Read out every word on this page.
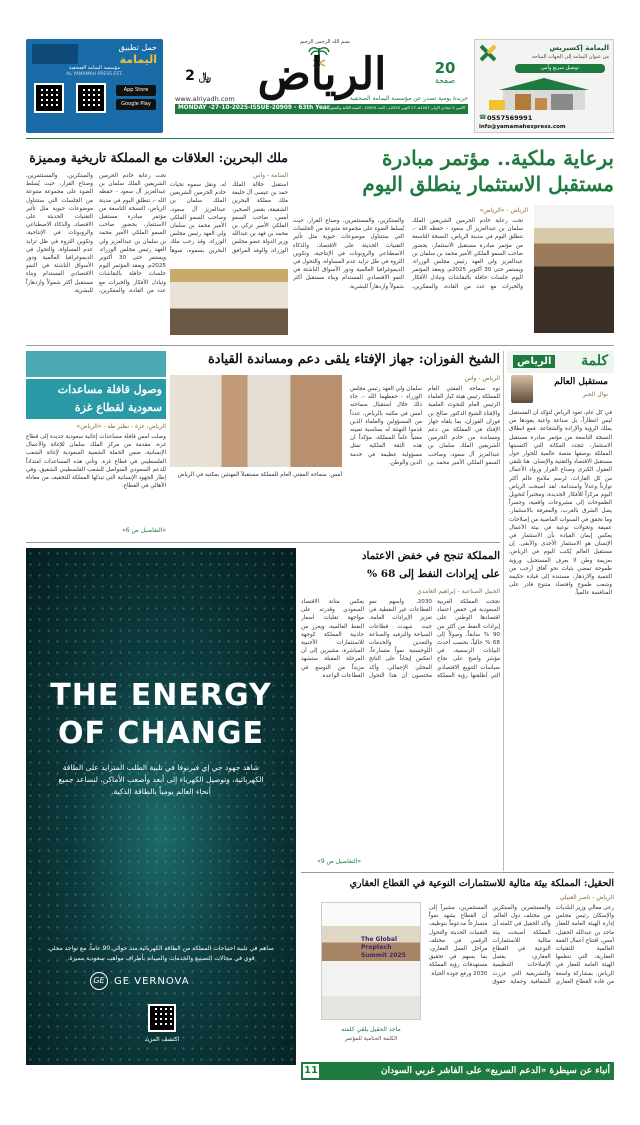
حمل تطبيق
اليمامة
مؤسسة اليمامة الصحفية
AL YAMAMAH PRESS EST.
App Store
Google Play
بسم الله الرحمن الرحيم
2 ﷼	الرياض	20
صفحة
www.alriyadh.com	جريدة يومية تصدر عن مؤسسة اليمامة الصحفية
MONDAY -27-10-2025-ISSUE-20909 - 63th Year
الاثنين 5 جمادى الأولى 1447هـ 27 أكتوبر 2025م - العدد 20909 - السنة الثالثة والستون
اليمامة إكسبريس
من عنوان اليمامة إلى الجهات المتاحة
توصيل سريع وآمن
☎ 0557569991
info@yamamahexpress.com
برعاية ملكية.. مؤتمر مبادرة
مستقبل الاستثمار ينطلق اليوم
الرياض - «الرياض»
تحت رعاية خادم الحرمين الشريفين الملك سلمان بن عبدالعزيز آل سعود - حفظه الله -، تنطلق اليوم في مدينة الرياض، النسخة التاسعة من مؤتمر مبادرة مستقبل الاستثمار، بحضور صاحب السمو الملكي الأمير محمد بن سلمان بن عبدالعزيز ولي العهد رئيس مجلس الوزراء، ويستمر حتى 30 أكتوبر 2025م. ويعقد المؤتمر اليوم جلسات حافلة بالنقاشات وتبادل الأفكار والخبرات مع عدد من القادة، والمفكرين، والمبتكرين، والمستثمرين، وصناع القرار، حيث يُسلط الضوء على مجموعة متنوعة من الجلسات التي ستتناول موضوعات حيوية مثل تأثير التقنيات الحديثة على الاقتصاد، والذكاء الاصطناعي والروبوتات في الإنتاجية، وتكوين الثروة في ظل تزايد عدم المساواة، والتحول في الديموغرافيا العالمية ودور الأسواق الناشئة في النمو الاقتصادي المستدام وبناء مستقبل أكثر شمولاً وازدهاراً للبشرية.
ملك البحرين: العلاقات مع المملكة تاريخية ومميزة
المنامة - واس
استقبل جلالة الملك حمد بن عيسى آل خليفة ملك مملكة البحرين الشقيقة، بقصر الصخير، أمس، صاحب السمو الملكي الأمير تركي بن محمد بن فهد بن عبدالله وزير الدولة عضو مجلس الوزراء، والوفد المرافق له. ونقل سموه تحيات خادم الحرمين الشريفين الملك سلمان بن عبدالعزيز آل سعود، وصاحب السمو الملكي الأمير محمد بن سلمان ولي العهد رئيس مجلس الوزراء. وقد رحب ملك البحرين بسموه، منوهاً
تحت رعاية خادم الحرمين الشريفين الملك سلمان بن عبدالعزيز آل سعود - حفظه الله -، تنطلق اليوم في مدينة الرياض، النسخة التاسعة من مؤتمر مبادرة مستقبل الاستثمار، بحضور صاحب السمو الملكي الأمير محمد بن سلمان بن عبدالعزيز ولي العهد رئيس مجلس الوزراء، ويستمر حتى 30 أكتوبر 2025م. ويعقد المؤتمر اليوم جلسات حافلة بالنقاشات وتبادل الأفكار والخبرات مع عدد من القادة، والمفكرين، والمبتكرين، والمستثمرين، وصناع القرار، حيث يُسلط الضوء على مجموعة متنوعة من الجلسات التي ستتناول موضوعات حيوية مثل تأثير التقنيات الحديثة على الاقتصاد، والذكاء الاصطناعي والروبوتات في الإنتاجية، وتكوين الثروة في ظل تزايد عدم المساواة، والتحول في الديموغرافيا العالمية ودور الأسواق الناشئة في النمو الاقتصادي المستدام وبناء مستقبل أكثر شمولاً وازدهاراً للبشرية.
كلمة
الرياض
مستقبل العالم
نوال الجبر
في كل عام، تعود الرياض لتؤكد أن المستقبل ليس انتظاراً، بل صناعة واعية يقودها من يملك الرؤية والإرادة والشجاعة. فمع انطلاق النسخة التاسعة من مؤتمر مبادرة مستقبل الاستثمار، تتجدد المكانة التي اكتسبتها المملكة بوصفها منصة عالمية للحوار حول مستقبل الاقتصاد والتقنية والإنسان. هنا تلتقي العقول الكبرى وصناع القرار ورواد الأعمال من كل القارات، لرسم ملامح عالم أكثر توازناً وعدلاً واستدامة. لقد أصبحت الرياض اليوم مركزاً للأفكار الجديدة، ومختبراً لتحويل الطموحات إلى مشروعات واقعية، وجسراً يصل الشرق بالغرب، والمعرفة بالاستثمار. وما تحقق في السنوات الماضية من إصلاحات عميقة وتحولات نوعية في بيئة الأعمال يعكس إيمان القيادة بأن الاستثمار في الإنسان هو الاستثمار الأجدى والأبقى. إن مستقبل العالم يُكتب اليوم في الرياض، بعزيمة وطن لا يعرف المستحيل، ورؤية طموحة تمضي بثبات نحو آفاق أرحب من التنمية والازدهار، مستندة إلى قيادة حكيمة وشعب طموح واقتصاد متنوع قادر على المنافسة عالمياً.
الشيخ الفوزان: جهاز الإفتاء يلقى دعم ومساندة القيادة
الرياض - واس
نوه سماحة المفتي العام للمملكة رئيس هيئة كبار العلماء الرئيس العام للبحوث العلمية والإفتاء الشيخ الدكتور صالح بن فوزان الفوزان، بما يلقاه جهاز الإفتاء في المملكة من دعم ومساندة من خادم الحرمين الشريفين الملك سلمان بن عبدالعزيز آل سعود، وصاحب السمو الملكي الأمير محمد بن سلمان ولي العهد رئيس مجلس الوزراء - حفظهما الله -. جاء ذلك خلال استقبال سماحته أمس في مكتبه بالرياض، عدداً من المسؤولين والعلماء الذين قدموا التهنئة له بمناسبة تعيينه مفتياً عاماً للمملكة، مؤكداً أن هذه الثقة الملكية تمثل مسؤولية عظيمة في خدمة الدين والوطن.
أمس: سماحة المفتي العام للمملكة مستقبلاً المهنئين بمكتبه في الرياض
وصول قافلة مساعدات
سعودية لقطاع غزة
الرياض، غزة - نظير طه - «الرياض»
وصلت أمس قافلة مساعدات إغاثية سعودية جديدة إلى قطاع غزة، مقدمة من مركز الملك سلمان للإغاثة والأعمال الإنسانية، ضمن الحملة الشعبية السعودية لإغاثة الشعب الفلسطيني في قطاع غزة. وتأتي هذه المساعدات امتداداً للدعم السعودي المتواصل للشعب الفلسطيني الشقيق، وفي إطار الجهود الإنسانية التي تبذلها المملكة للتخفيف من معاناة الأهالي في القطاع.
«التفاصيل ص 6»
THE ENERGY
OF CHANGE
شاهد جهود جي إي فيرنوفا في تلبية الطلب المتزايد على الطاقة الكهربائية، وتوصيل الكهرباء إلى أبعد وأصعب الأماكن، لنساعد جميع أنحاء العالم يومياً بالطاقة الذكية.
ساهم في تلبية احتياجات المملكة من الطاقة الكهربائية منذ حوالي 90 عاماً، مع تواجد محلي قوي في مجالات التصنيع والخدمات والصيانة بأطراف مواهب سعودية مميزة.
GE GE VERNOVA
اكتشف المزيد
المملكة تنجح في خفض الاعتماد
على إيرادات النفط إلى 68 %
الجبيل الصناعية - إبراهيم الغامدي
نجحت المملكة العربية السعودية في خفض اعتماد اقتصادها الوطني على إيرادات النفط من أكثر من 90 % سابقاً، وصولاً إلى 68 % حالياً، بحسب أحدث البيانات الرسمية، في مؤشر واضح على نجاح سياسات التنويع الاقتصادي التي أطلقتها رؤية المملكة 2030. وأسهم نمو القطاعات غير النفطية في تعزيز الإيرادات العامة، حيث شهدت قطاعات السياحة والترفيه والصناعة والتعدين والخدمات اللوجستية نمواً متسارعاً، انعكس إيجاباً على الناتج المحلي الإجمالي. وأكد مختصون أن هذا التحول يعكس متانة الاقتصاد السعودي وقدرته على مواجهة تقلبات أسعار النفط العالمية، ويعزز من جاذبية المملكة كوجهة للاستثمارات الأجنبية المباشرة، مشيرين إلى أن المرحلة المقبلة ستشهد مزيداً من التوسع في القطاعات الواعدة.
«التفاصيل ص 9»
الحقيل: المملكة بيئة مثالية للاستثمارات النوعية في القطاع العقاري
الرياض - ناصر العبيلي
رعى معالي وزير البلديات والإسكان رئيس مجلس إدارة الهيئة العامة للعقار ماجد بن عبدالله الحقيل، أمس، افتتاح أعمال القمة العالمية للتقنيات العقارية، التي تنظمها الهيئة العامة للعقار في الرياض، بمشاركة واسعة من قادة القطاع العقاري والمستثمرين والمبتكرين من مختلف دول العالم. وأكد الحقيل في كلمته أن المملكة أصبحت بيئة مثالية للاستثمارات النوعية في القطاع العقاري، بفضل الإصلاحات التنظيمية والتشريعية التي عززت الشفافية وحماية حقوق المستثمرين، مشيراً إلى أن القطاع يشهد نمواً متسارعاً مدعوماً بتوظيف التقنيات الحديثة والتحول الرقمي في مختلف مراحل العمل العقاري، بما يسهم في تحقيق مستهدفات رؤية المملكة 2030 ورفع جودة الحياة.
The Global Proptech Summit 2025
ماجد الحقيل يلقي كلمته
الكلمة الختامية للمؤتمر
11	أنباء عن سيطرة «الدعم السريع» على الفاشر غربي السودان
